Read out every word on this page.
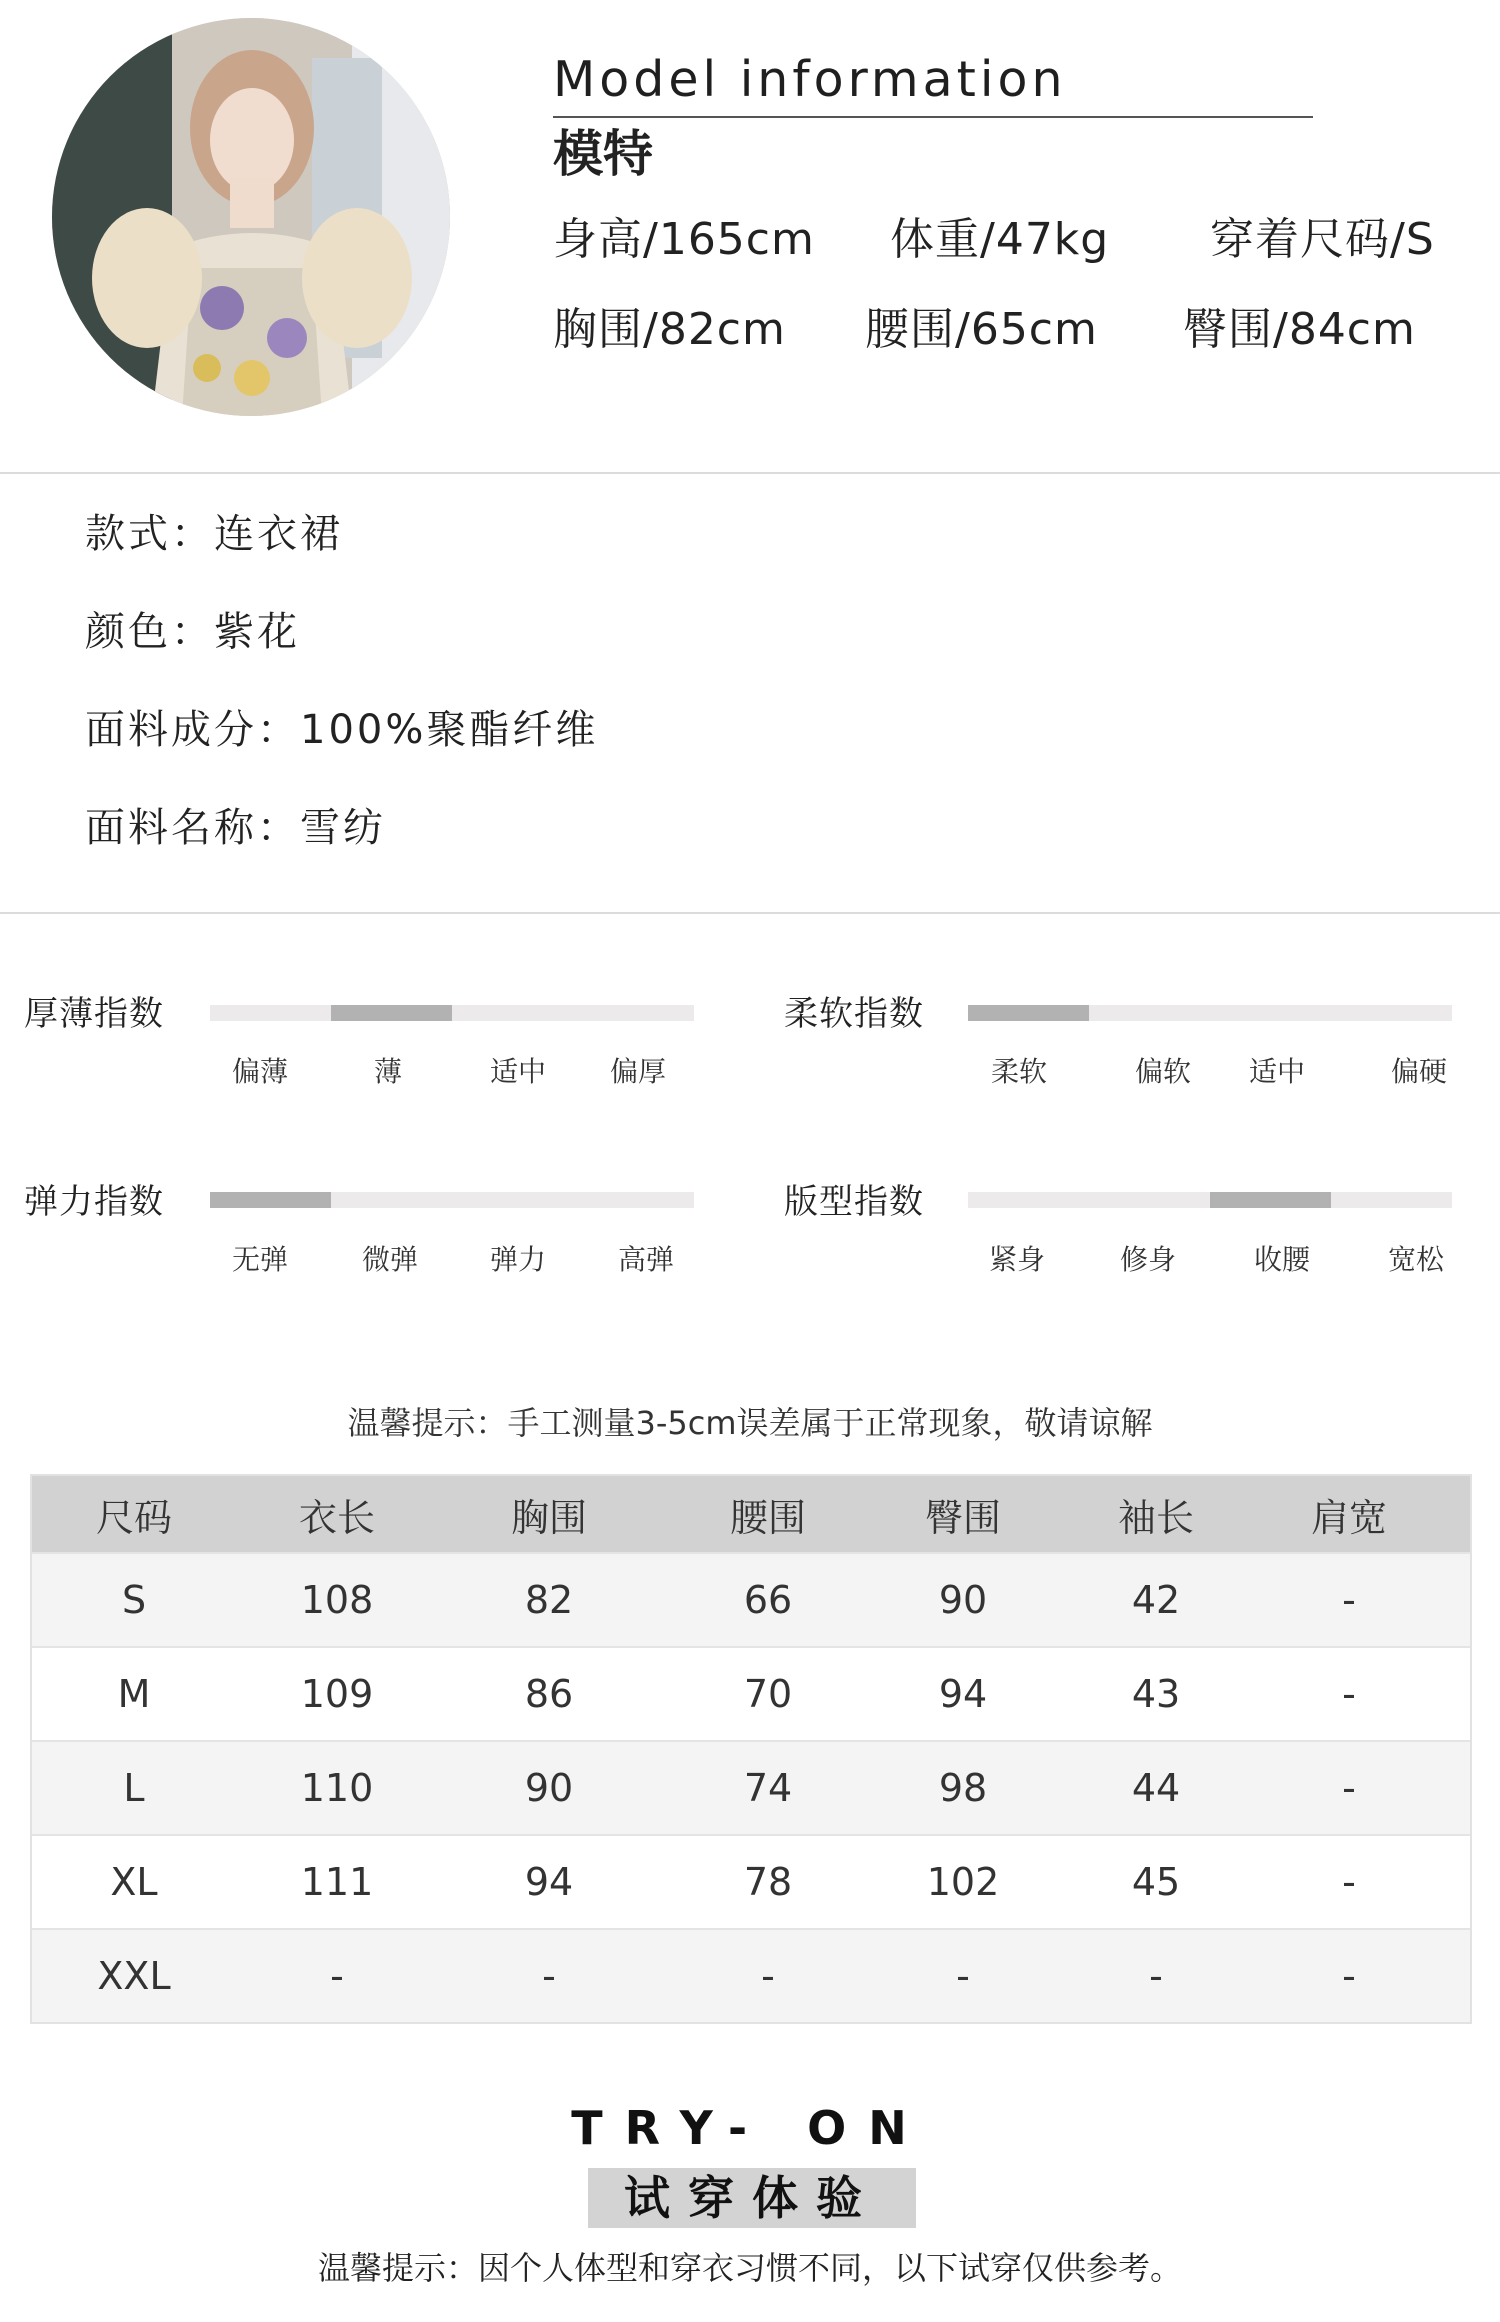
Model information
模特
身高/165cm 体重/47kg 穿着尺码/S
胸围/82cm 腰围/65cm 臀围/84cm
款式：连衣裙
颜色：紫花
面料成分：100%聚酯纤维
面料名称：雪纺
厚薄指数
偏薄	薄	适中 偏厚
柔软指数
柔软	偏软 适中	偏硬
弹力指数
无弹	微弹	弹力	高弹
版型指数
紧身	修身	收腰	宽松
温馨提示：手工测量3-5cm误差属于正常现象，敬请谅解
尺码	衣长	胸围	腰围	臀围	袖长	肩宽
S	108	82	66	90	42	-
M	109	86	70	94	43	-
L	110	90	74	98	44	-
XL	111	94	78	102	45	-
XXL	-	-	-	-	-	-
TRY- ON
试穿体验
温馨提示：因个人体型和穿衣习惯不同，以下试穿仅供参考。
